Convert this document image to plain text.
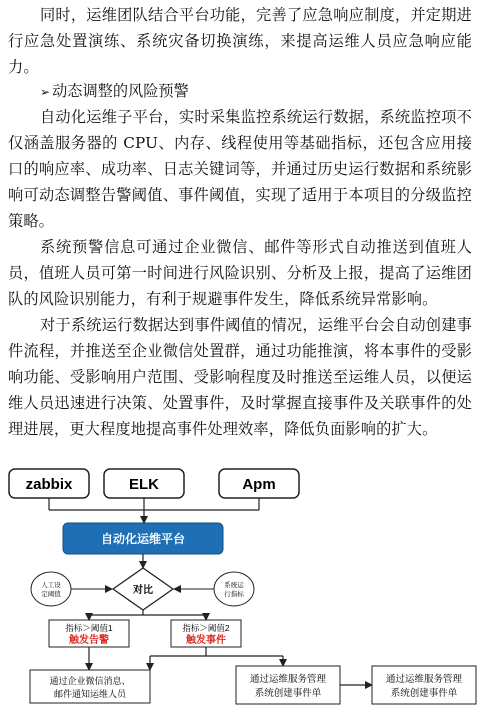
同时，运维团队结合平台功能，完善了应急响应制度，并定期进行应急处置演练、系统灾备切换演练，来提高运维人员应急响应能力。

➢ 动态调整的风险预警

自动化运维子平台，实时采集监控系统运行数据，系统监控项不仅涵盖服务器的 CPU、内存、线程使用等基础指标，还包含应用接口的响应率、成功率、日志关键词等，并通过历史运行数据和系统影响可动态调整告警阈值、事件阈值，实现了适用于本项目的分级监控策略。

系统预警信息可通过企业微信、邮件等形式自动推送到值班人员，值班人员可第一时间进行风险识别、分析及上报，提高了运维团队的风险识别能力，有利于规避事件发生，降低系统异常影响。

对于系统运行数据达到事件阈值的情况，运维平台会自动创建事件流程，并推送至企业微信处置群，通过功能推演，将本事件的受影响功能、受影响用户范围、受影响程度及时推送至运维人员，以便运维人员迅速进行决策、处置事件，及时掌握直接事件及关联事件的处理进展，更大程度地提高事件处理效率，降低负面影响的扩大。

zabbix	ELK	Apm
自动化运维平台
对比
人工设
定阈值
系统运
行指标
指标＞阈值1
触发告警
指标＞阈值2
触发事件
通过企业微信消息、
邮件通知运维人员
通过运维服务管理
系统创建事件单
通过运维服务管理
系统创建事件单
